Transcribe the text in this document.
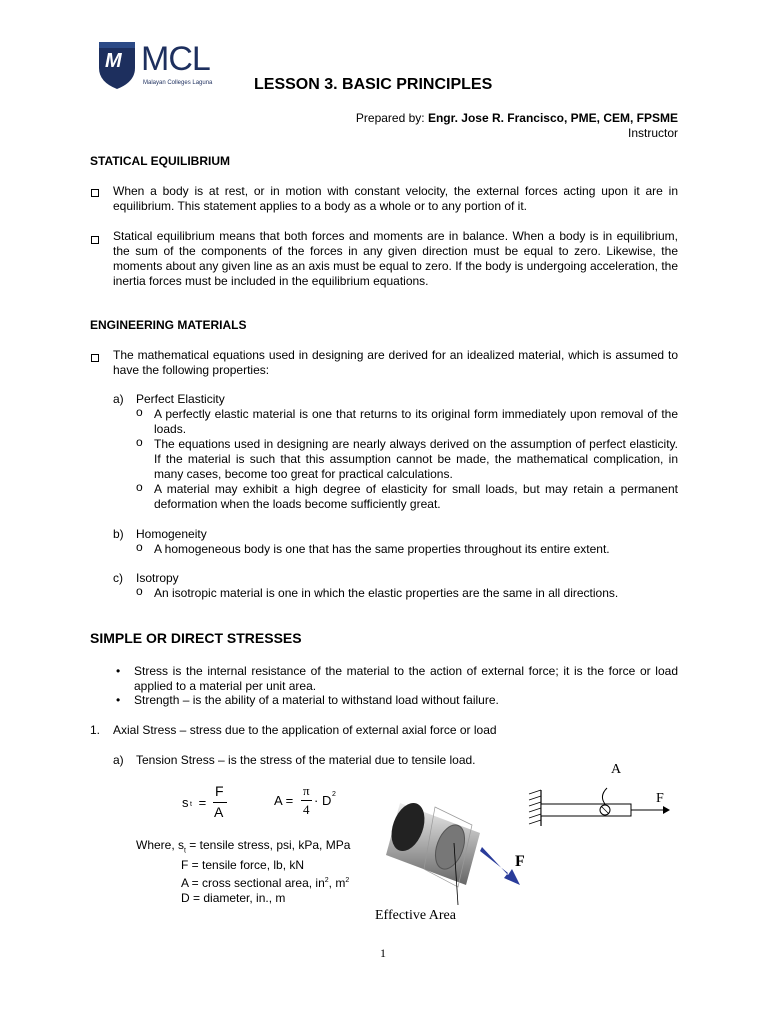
M MCL
Malayan Colleges Laguna	LESSON 3. BASIC PRINCIPLES
Prepared by: Engr. Jose R. Francisco, PME, CEM, FPSME
Instructor
STATICAL EQUILIBRIUM
When a body is at rest, or in motion with constant velocity, the external forces acting upon it are in equilibrium. This statement applies to a body as a whole or to any portion of it.
Statical equilibrium means that both forces and moments are in balance. When a body is in equilibrium, the sum of the components of the forces in any given direction must be equal to zero. Likewise, the moments about any given line as an axis must be equal to zero. If the body is undergoing acceleration, the inertia forces must be included in the equilibrium equations.
ENGINEERING MATERIALS
The mathematical equations used in designing are derived for an idealized material, which is assumed to have the following properties:
a) Perfect Elasticity
o A perfectly elastic material is one that returns to its original form immediately upon removal of the loads.
o The equations used in designing are nearly always derived on the assumption of perfect elasticity. If the material is such that this assumption cannot be made, the mathematical complication, in many cases, become too great for practical calculations.
o A material may exhibit a high degree of elasticity for small loads, but may retain a permanent deformation when the loads become sufficiently great.
b) Homogeneity
o A homogeneous body is one that has the same properties throughout its entire extent.
c) Isotropy
o An isotropic material is one in which the elastic properties are the same in all directions.
SIMPLE OR DIRECT STRESSES
• Stress is the internal resistance of the material to the action of external force; it is the force or load applied to a material per unit area.
• Strength – is the ability of a material to withstand load without failure.
1. Axial Stress – stress due to the application of external axial force or load
a) Tension Stress – is the stress of the material due to tensile load.
s t =
F
A
A =
π
4
· D 2
Where, $s_t$ = tensile stress, psi, kPa, MPa
F = tensile force, lb, kN
A = cross sectional area, $in^2$, $m^2$
D = diameter, in., m
F
Effective Area
A
F
1
